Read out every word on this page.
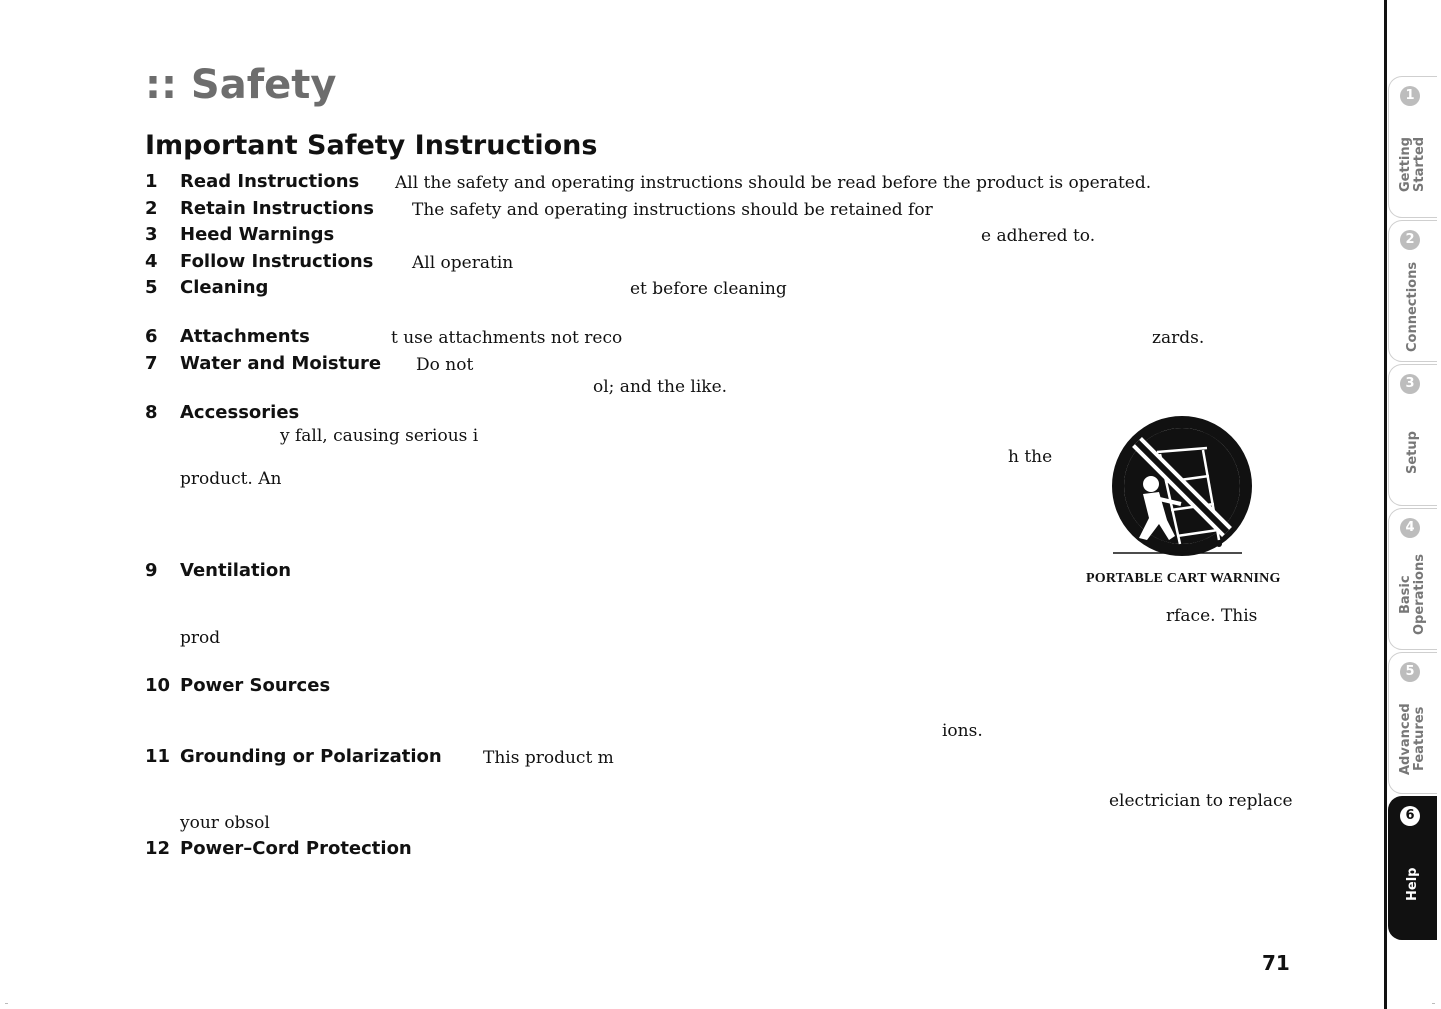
:: Safety
Important Safety Instructions
1 Read Instructions All the safety and operating instructions should be read before the product is operated.
2 Retain Instructions The safety and operating instructions should be retained for
3 Heed Warnings	e adhered to.
4 Follow Instructions All operatin
5 Cleaning	et before cleaning
6 Attachments	t use attachments not reco	zards.
7 Water and Moisture Do not
ol; and the like.
8 Accessories
y fall, causing serious i
h the
product. An
9 Ventilation
rface. This
prod
10 Power Sources
ions.
11 Grounding or Polarization This product m
electrician to replace
your obsol
12 Power–Cord Protection
PORTABLE CART WARNING
71
1
Getting Started
2
Connections
3
Setup
4
Basic Operations
5
Advanced Features
6
Help
